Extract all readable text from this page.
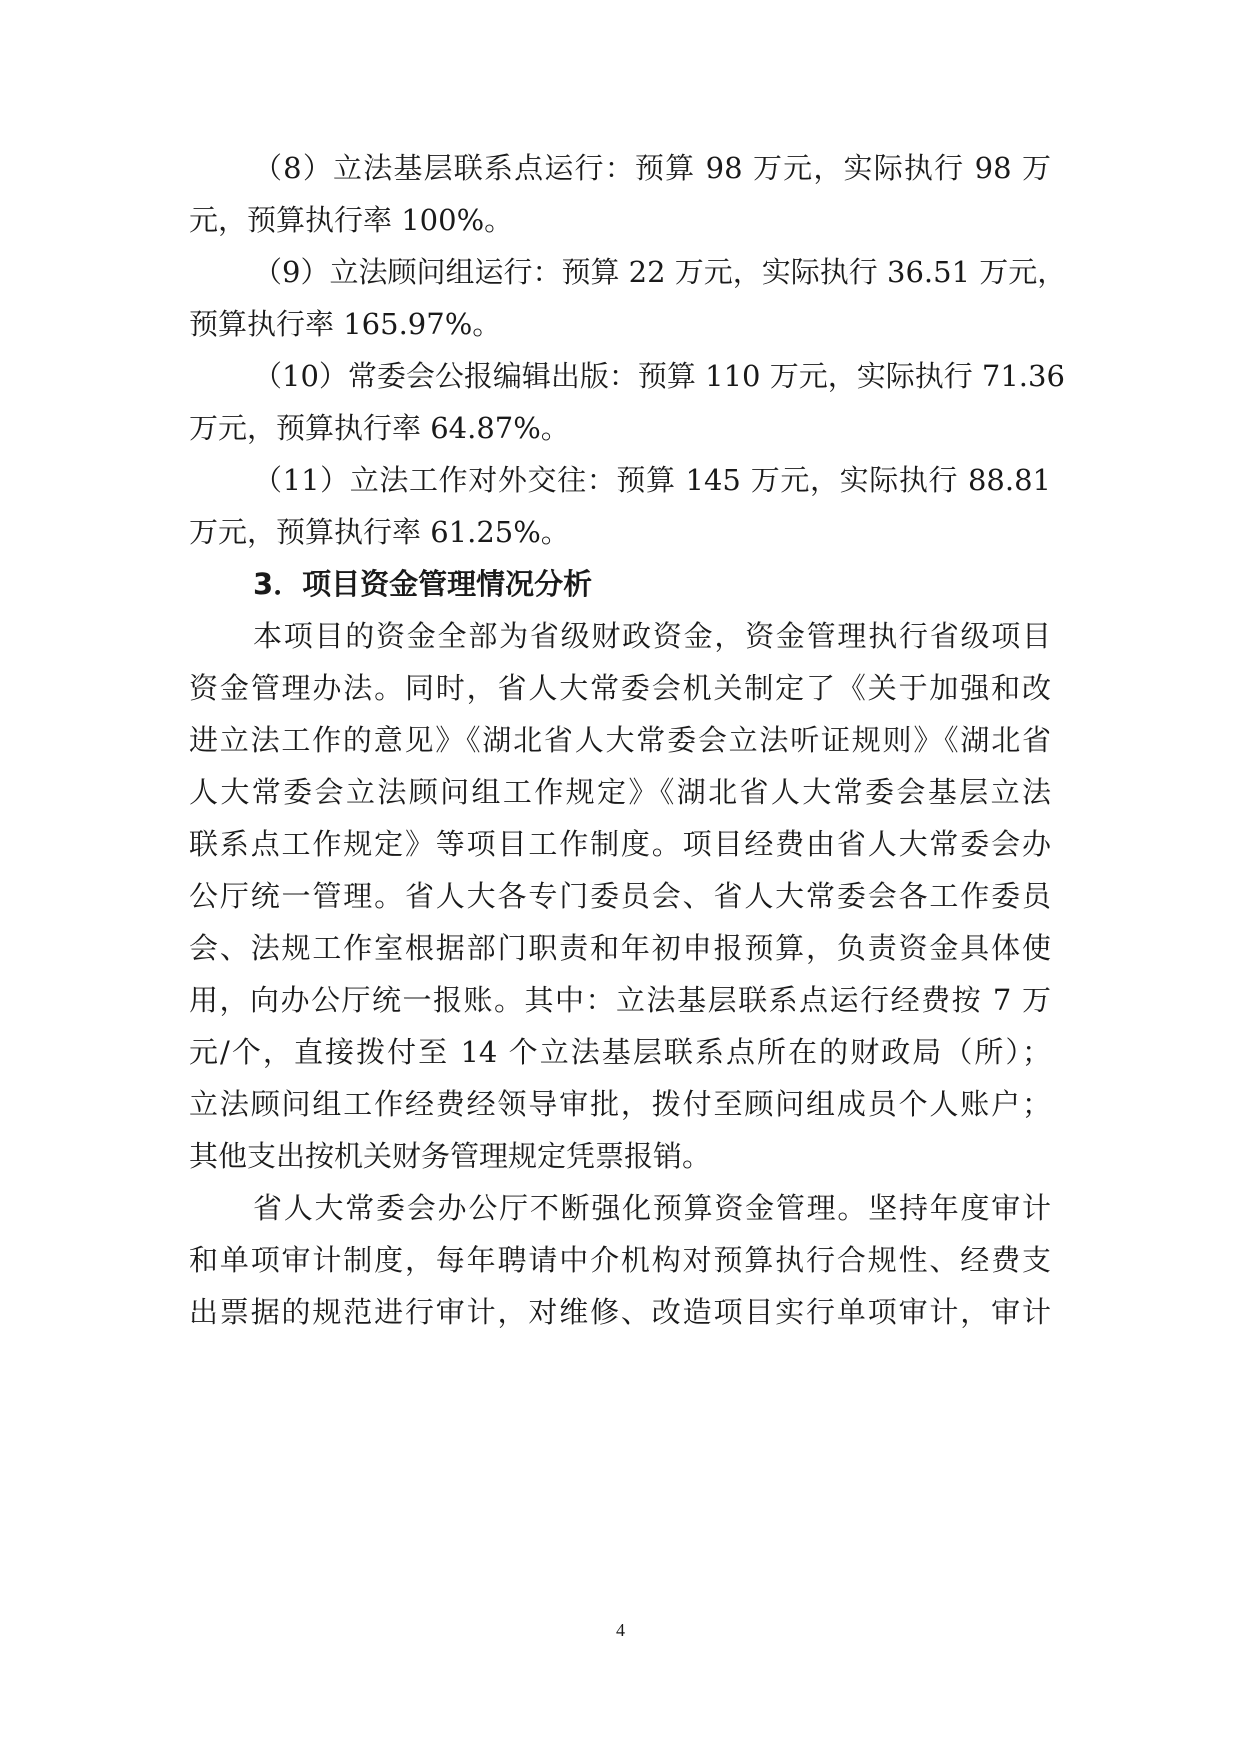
（8）立法基层联系点运行：预算 98 万元，实际执行 98 万
元，预算执行率 100%。
（9）立法顾问组运行：预算 22 万元，实际执行 36.51 万元，
预算执行率 165.97%。
（10）常委会公报编辑出版：预算 110 万元，实际执行 71.36
万元，预算执行率 64.87%。
（11）立法工作对外交往：预算 145 万元，实际执行 88.81
万元，预算执行率 61.25%。
3．项目资金管理情况分析
本项目的资金全部为省级财政资金，资金管理执行省级项目
资金管理办法。同时，省人大常委会机关制定了《关于加强和改
进立法工作的意见》《湖北省人大常委会立法听证规则》《湖北省
人大常委会立法顾问组工作规定》《湖北省人大常委会基层立法
联系点工作规定》等项目工作制度。项目经费由省人大常委会办
公厅统一管理。省人大各专门委员会、省人大常委会各工作委员
会、法规工作室根据部门职责和年初申报预算，负责资金具体使
用，向办公厅统一报账。其中：立法基层联系点运行经费按 7 万
元/个，直接拨付至 14 个立法基层联系点所在的财政局（所）；
立法顾问组工作经费经领导审批，拨付至顾问组成员个人账户；
其他支出按机关财务管理规定凭票报销。
省人大常委会办公厅不断强化预算资金管理。坚持年度审计
和单项审计制度，每年聘请中介机构对预算执行合规性、经费支
出票据的规范进行审计，对维修、改造项目实行单项审计，审计
4
